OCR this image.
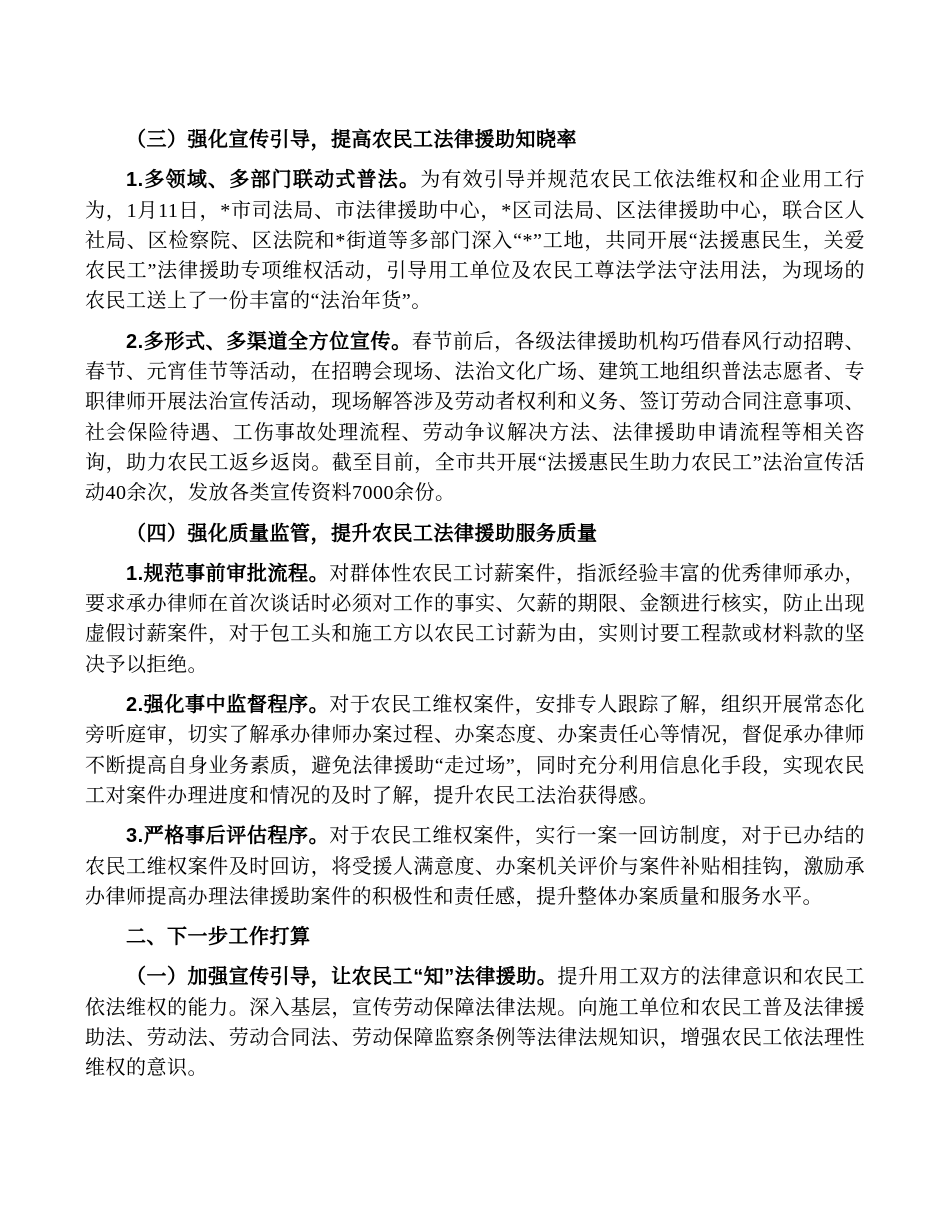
（三）强化宣传引导，提高农民工法律援助知晓率

1.多领域、多部门联动式普法。为有效引导并规范农民工依法维权和企业用工行为，1月11日，*市司法局、市法律援助中心，*区司法局、区法律援助中心，联合区人社局、区检察院、区法院和*街道等多部门深入“*”工地，共同开展“法援惠民生，关爱农民工”法律援助专项维权活动，引导用工单位及农民工尊法学法守法用法，为现场的农民工送上了一份丰富的“法治年货”。

2.多形式、多渠道全方位宣传。春节前后，各级法律援助机构巧借春风行动招聘、春节、元宵佳节等活动，在招聘会现场、法治文化广场、建筑工地组织普法志愿者、专职律师开展法治宣传活动，现场解答涉及劳动者权利和义务、签订劳动合同注意事项、社会保险待遇、工伤事故处理流程、劳动争议解决方法、法律援助申请流程等相关咨询，助力农民工返乡返岗。截至目前，全市共开展“法援惠民生助力农民工”法治宣传活动40余次，发放各类宣传资料7000余份。

（四）强化质量监管，提升农民工法律援助服务质量

1.规范事前审批流程。对群体性农民工讨薪案件，指派经验丰富的优秀律师承办，要求承办律师在首次谈话时必须对工作的事实、欠薪的期限、金额进行核实，防止出现虚假讨薪案件，对于包工头和施工方以农民工讨薪为由，实则讨要工程款或材料款的坚决予以拒绝。

2.强化事中监督程序。对于农民工维权案件，安排专人跟踪了解，组织开展常态化旁听庭审，切实了解承办律师办案过程、办案态度、办案责任心等情况，督促承办律师不断提高自身业务素质，避免法律援助“走过场”，同时充分利用信息化手段，实现农民工对案件办理进度和情况的及时了解，提升农民工法治获得感。

3.严格事后评估程序。对于农民工维权案件，实行一案一回访制度，对于已办结的农民工维权案件及时回访，将受援人满意度、办案机关评价与案件补贴相挂钩，激励承办律师提高办理法律援助案件的积极性和责任感，提升整体办案质量和服务水平。

二、下一步工作打算

（一）加强宣传引导，让农民工“知”法律援助。提升用工双方的法律意识和农民工依法维权的能力。深入基层，宣传劳动保障法律法规。向施工单位和农民工普及法律援助法、劳动法、劳动合同法、劳动保障监察条例等法律法规知识，增强农民工依法理性维权的意识。
